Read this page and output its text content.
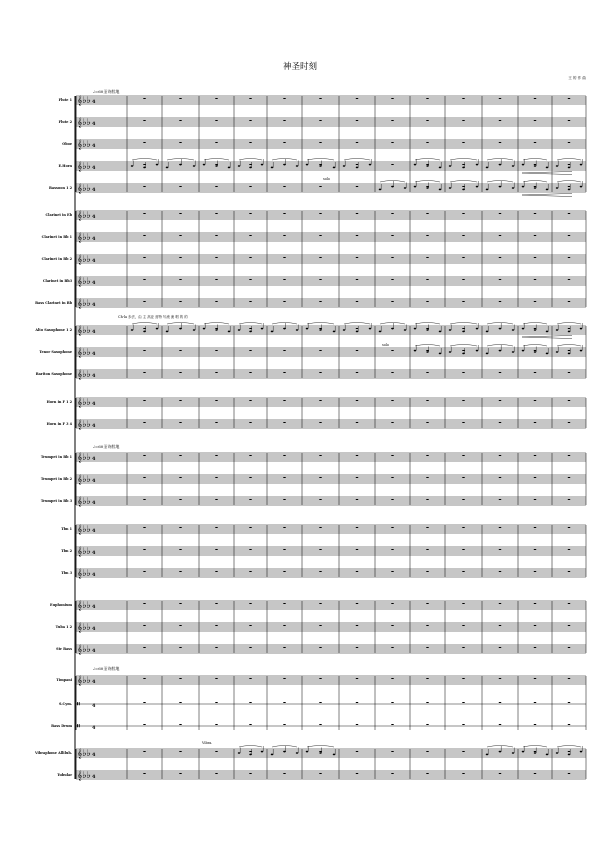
神圣时刻
王 的 作 曲
Flute 1
Flute 2
Oboe
E.Horn
Bassoon 1 2
Clarinet in Eb
Clarinet in Bb 1
Clarinet in Bb 2
Clarinet in Bb3
Bass Clarinet in Bb
Alto Saxophone 1 2
Tenor Saxophone
Bariton Saxophone
Horn in F 1 2
Horn in F 3 4
Trumpet in Bb 1
Trumpet in Bb 2
Trumpet in Bb 3
Tbn 1
Tbn 2
Tbn 3
Euphonium
Tuba 1 2
Str Bass
Timpani
S.Cym.
Bass Drum
Vibraphone Alliluh.
Tubular
𝄞♭♭ 4
𝄞♭♭ 4
𝄞♭♭ 4
𝄞♭♭ 4
𝄞♭♭ 4
𝄞♭♭ 4
𝄞♭♭ 4
𝄞♭♭ 4
𝄞♭♭ 4
𝄞♭♭ 4
𝄞♭♭ 4
𝄞♭♭ 4
𝄞♭♭ 4
𝄞♭♭ 4
𝄞♭♭ 4
𝄞♭♭ 4
𝄞♭♭ 4
𝄞♭♭ 4
𝄞♭♭ 4
𝄞♭♭ 4
𝄞♭♭ 4
𝄞♭♭ 4
𝄞♭♭ 4
𝄞♭♭ 4
𝄞♭♭ 4
𝄥 4
𝄥 4
𝄞♭♭ 4
𝄞♭♭ 4
♩=60圣诗般地
♩=60圣诗般地
♩=60圣诗般地
Ch-la 步法，由 主 高亚 营特 写流 流 唱 的 的
solo
solo
Vibra.
